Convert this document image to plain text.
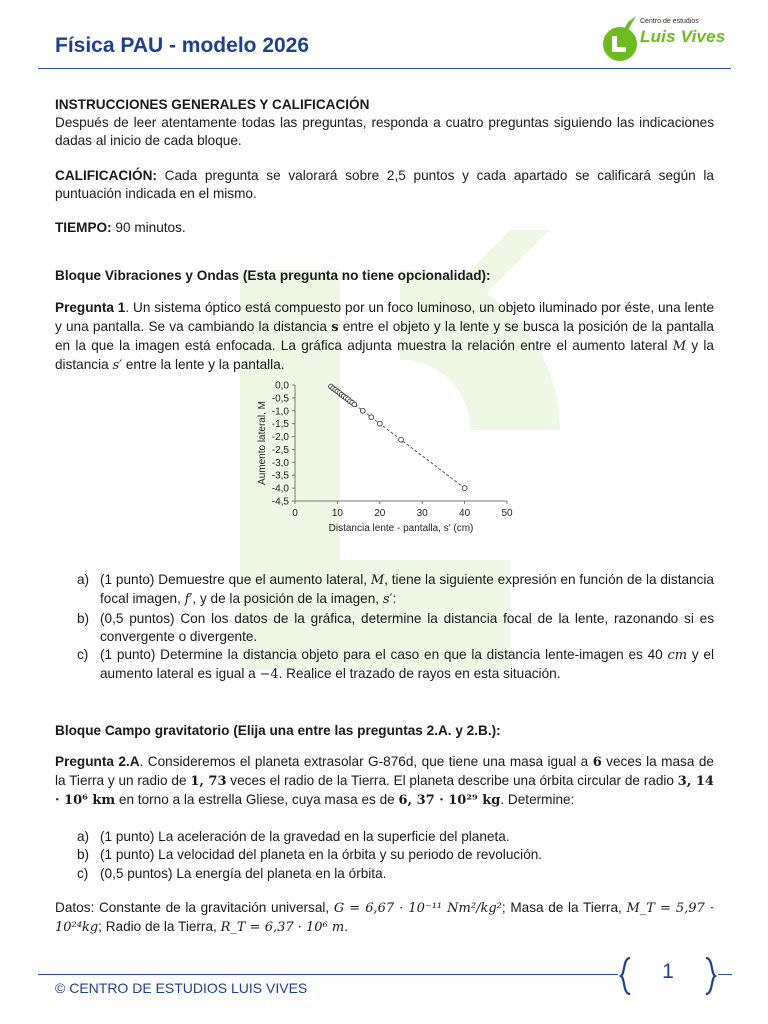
Física PAU - modelo 2026
Centro de estudios
Luis Vives

INSTRUCCIONES GENERALES Y CALIFICACIÓN

Después de leer atentamente todas las preguntas, responda a cuatro preguntas siguiendo las indicaciones dadas al inicio de cada bloque.

CALIFICACIÓN: Cada pregunta se valorará sobre 2,5 puntos y cada apartado se calificará según la puntuación indicada en el mismo.

TIEMPO: 90 minutos.

Bloque Vibraciones y Ondas (Esta pregunta no tiene opcionalidad):

Pregunta 1. Un sistema óptico está compuesto por un foco luminoso, un objeto iluminado por éste, una lente y una pantalla. Se va cambiando la distancia s entre el objeto y la lente y se busca la posición de la pantalla en la que la imagen está enfocada. La gráfica adjunta muestra la relación entre el aumento lateral M y la distancia s′ entre la lente y la pantalla.

0,0
-0,5
-1,0
-1,5
-2,0
-2,5
-3,0
-3,5
-4,0
-4,5
0	10	20	30	40	50
Distancia lente - pantalla, s' (cm)
Aumento lateral, M
a) (1 punto) Demuestre que el aumento lateral, M, tiene la siguiente expresión en función de la distancia focal imagen, f′, y de la posición de la imagen, s′:
b) (0,5 puntos) Con los datos de la gráfica, determine la distancia focal de la lente, razonando si es convergente o divergente.
c) (1 punto) Determine la distancia objeto para el caso en que la distancia lente-imagen es 40 cm y el aumento lateral es igual a −4. Realice el trazado de rayos en esta situación.

Bloque Campo gravitatorio (Elija una entre las preguntas 2.A. y 2.B.):

Pregunta 2.A. Consideremos el planeta extrasolar G-876d, que tiene una masa igual a 6 veces la masa de la Tierra y un radio de 1, 73 veces el radio de la Tierra. El planeta describe una órbita circular de radio 3, 14 · 10⁶ km en torno a la estrella Gliese, cuya masa es de 6, 37 · 10²⁹ kg. Determine:

a) (1 punto) La aceleración de la gravedad en la superficie del planeta.
b) (1 punto) La velocidad del planeta en la órbita y su periodo de revolución.
c) (0,5 puntos) La energía del planeta en la órbita.

Datos: Constante de la gravitación universal, G = 6,67 · 10⁻¹¹ Nm²/kg²; Masa de la Tierra, M_T = 5,97 · 10²⁴kg; Radio de la Tierra, R_T = 6,37 · 10⁶ m.

© CENTRO DE ESTUDIOS LUIS VIVES
1
